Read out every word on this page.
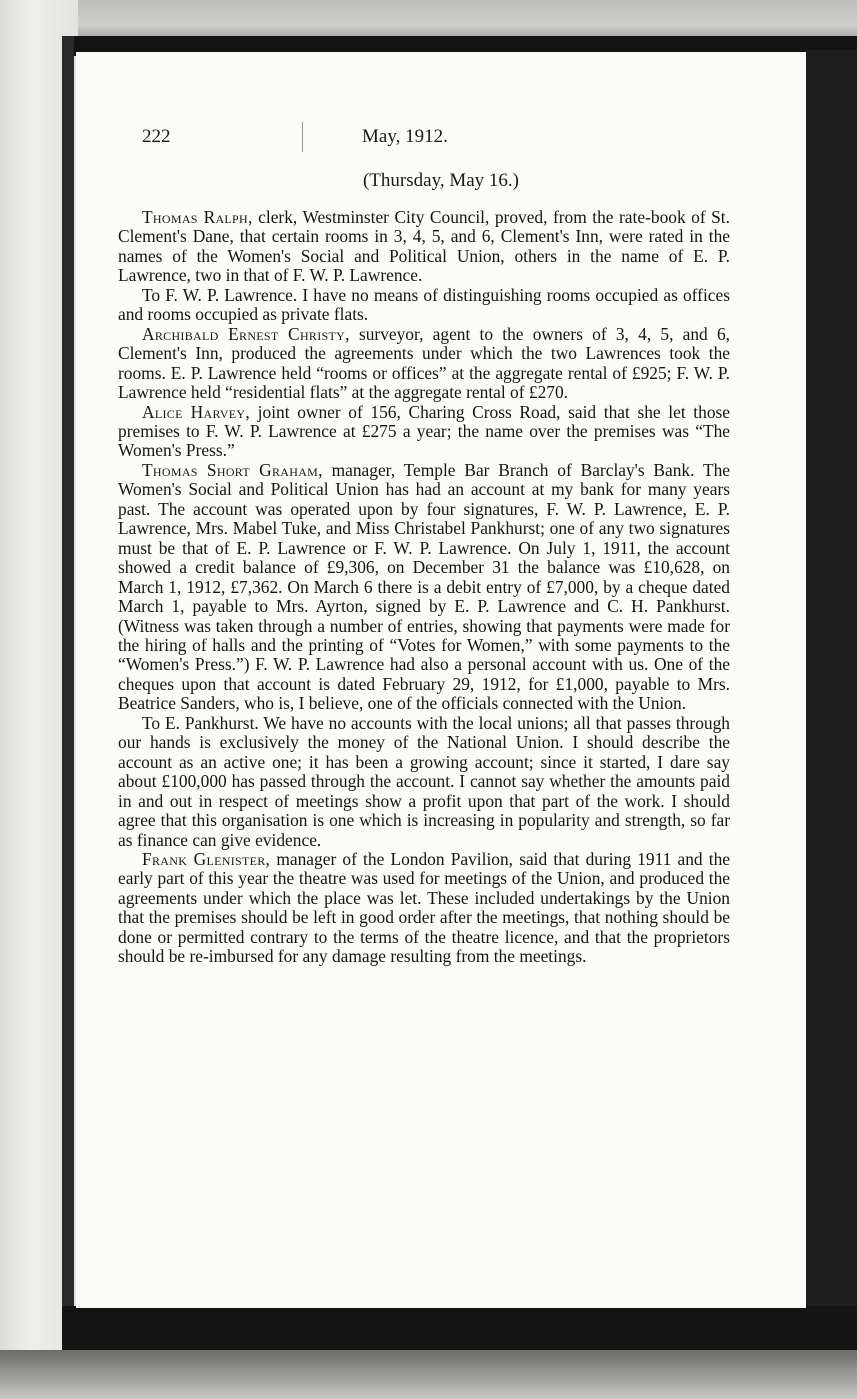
222	May, 1912.
(Thursday, May 16.)

Thomas Ralph, clerk, Westminster City Council, proved, from the rate-book of St. Clement's Dane, that certain rooms in 3, 4, 5, and 6, Clement's Inn, were rated in the names of the Women's Social and Political Union, others in the name of E. P. Lawrence, two in that of F. W. P. Lawrence.

To F. W. P. Lawrence. I have no means of distinguishing rooms occupied as offices and rooms occupied as private flats.

Archibald Ernest Christy, surveyor, agent to the owners of 3, 4, 5, and 6, Clement's Inn, produced the agreements under which the two Lawrences took the rooms. E. P. Lawrence held “rooms or offices” at the aggregate rental of £925; F. W. P. Lawrence held “residential flats” at the aggregate rental of £270.

Alice Harvey, joint owner of 156, Charing Cross Road, said that she let those premises to F. W. P. Lawrence at £275 a year; the name over the premises was “The Women's Press.”

Thomas Short Graham, manager, Temple Bar Branch of Barclay's Bank. The Women's Social and Political Union has had an account at my bank for many years past. The account was operated upon by four signatures, F. W. P. Lawrence, E. P. Lawrence, Mrs. Mabel Tuke, and Miss Christabel Pankhurst; one of any two signatures must be that of E. P. Lawrence or F. W. P. Lawrence. On July 1, 1911, the account showed a credit balance of £9,306, on December 31 the balance was £10,628, on March 1, 1912, £7,362. On March 6 there is a debit entry of £7,000, by a cheque dated March 1, payable to Mrs. Ayrton, signed by E. P. Lawrence and C. H. Pankhurst. (Witness was taken through a number of entries, showing that payments were made for the hiring of halls and the printing of “Votes for Women,” with some payments to the “Women's Press.”) F. W. P. Lawrence had also a personal account with us. One of the cheques upon that account is dated February 29, 1912, for £1,000, payable to Mrs. Beatrice Sanders, who is, I believe, one of the officials connected with the Union.

To E. Pankhurst. We have no accounts with the local unions; all that passes through our hands is exclusively the money of the National Union. I should describe the account as an active one; it has been a growing account; since it started, I dare say about £100,000 has passed through the account. I cannot say whether the amounts paid in and out in respect of meetings show a profit upon that part of the work. I should agree that this organisation is one which is increasing in popularity and strength, so far as finance can give evidence.

Frank Glenister, manager of the London Pavilion, said that during 1911 and the early part of this year the theatre was used for meetings of the Union, and produced the agreements under which the place was let. These included undertakings by the Union that the premises should be left in good order after the meetings, that nothing should be done or permitted contrary to the terms of the theatre licence, and that the proprietors should be re-imbursed for any damage resulting from the meetings.
